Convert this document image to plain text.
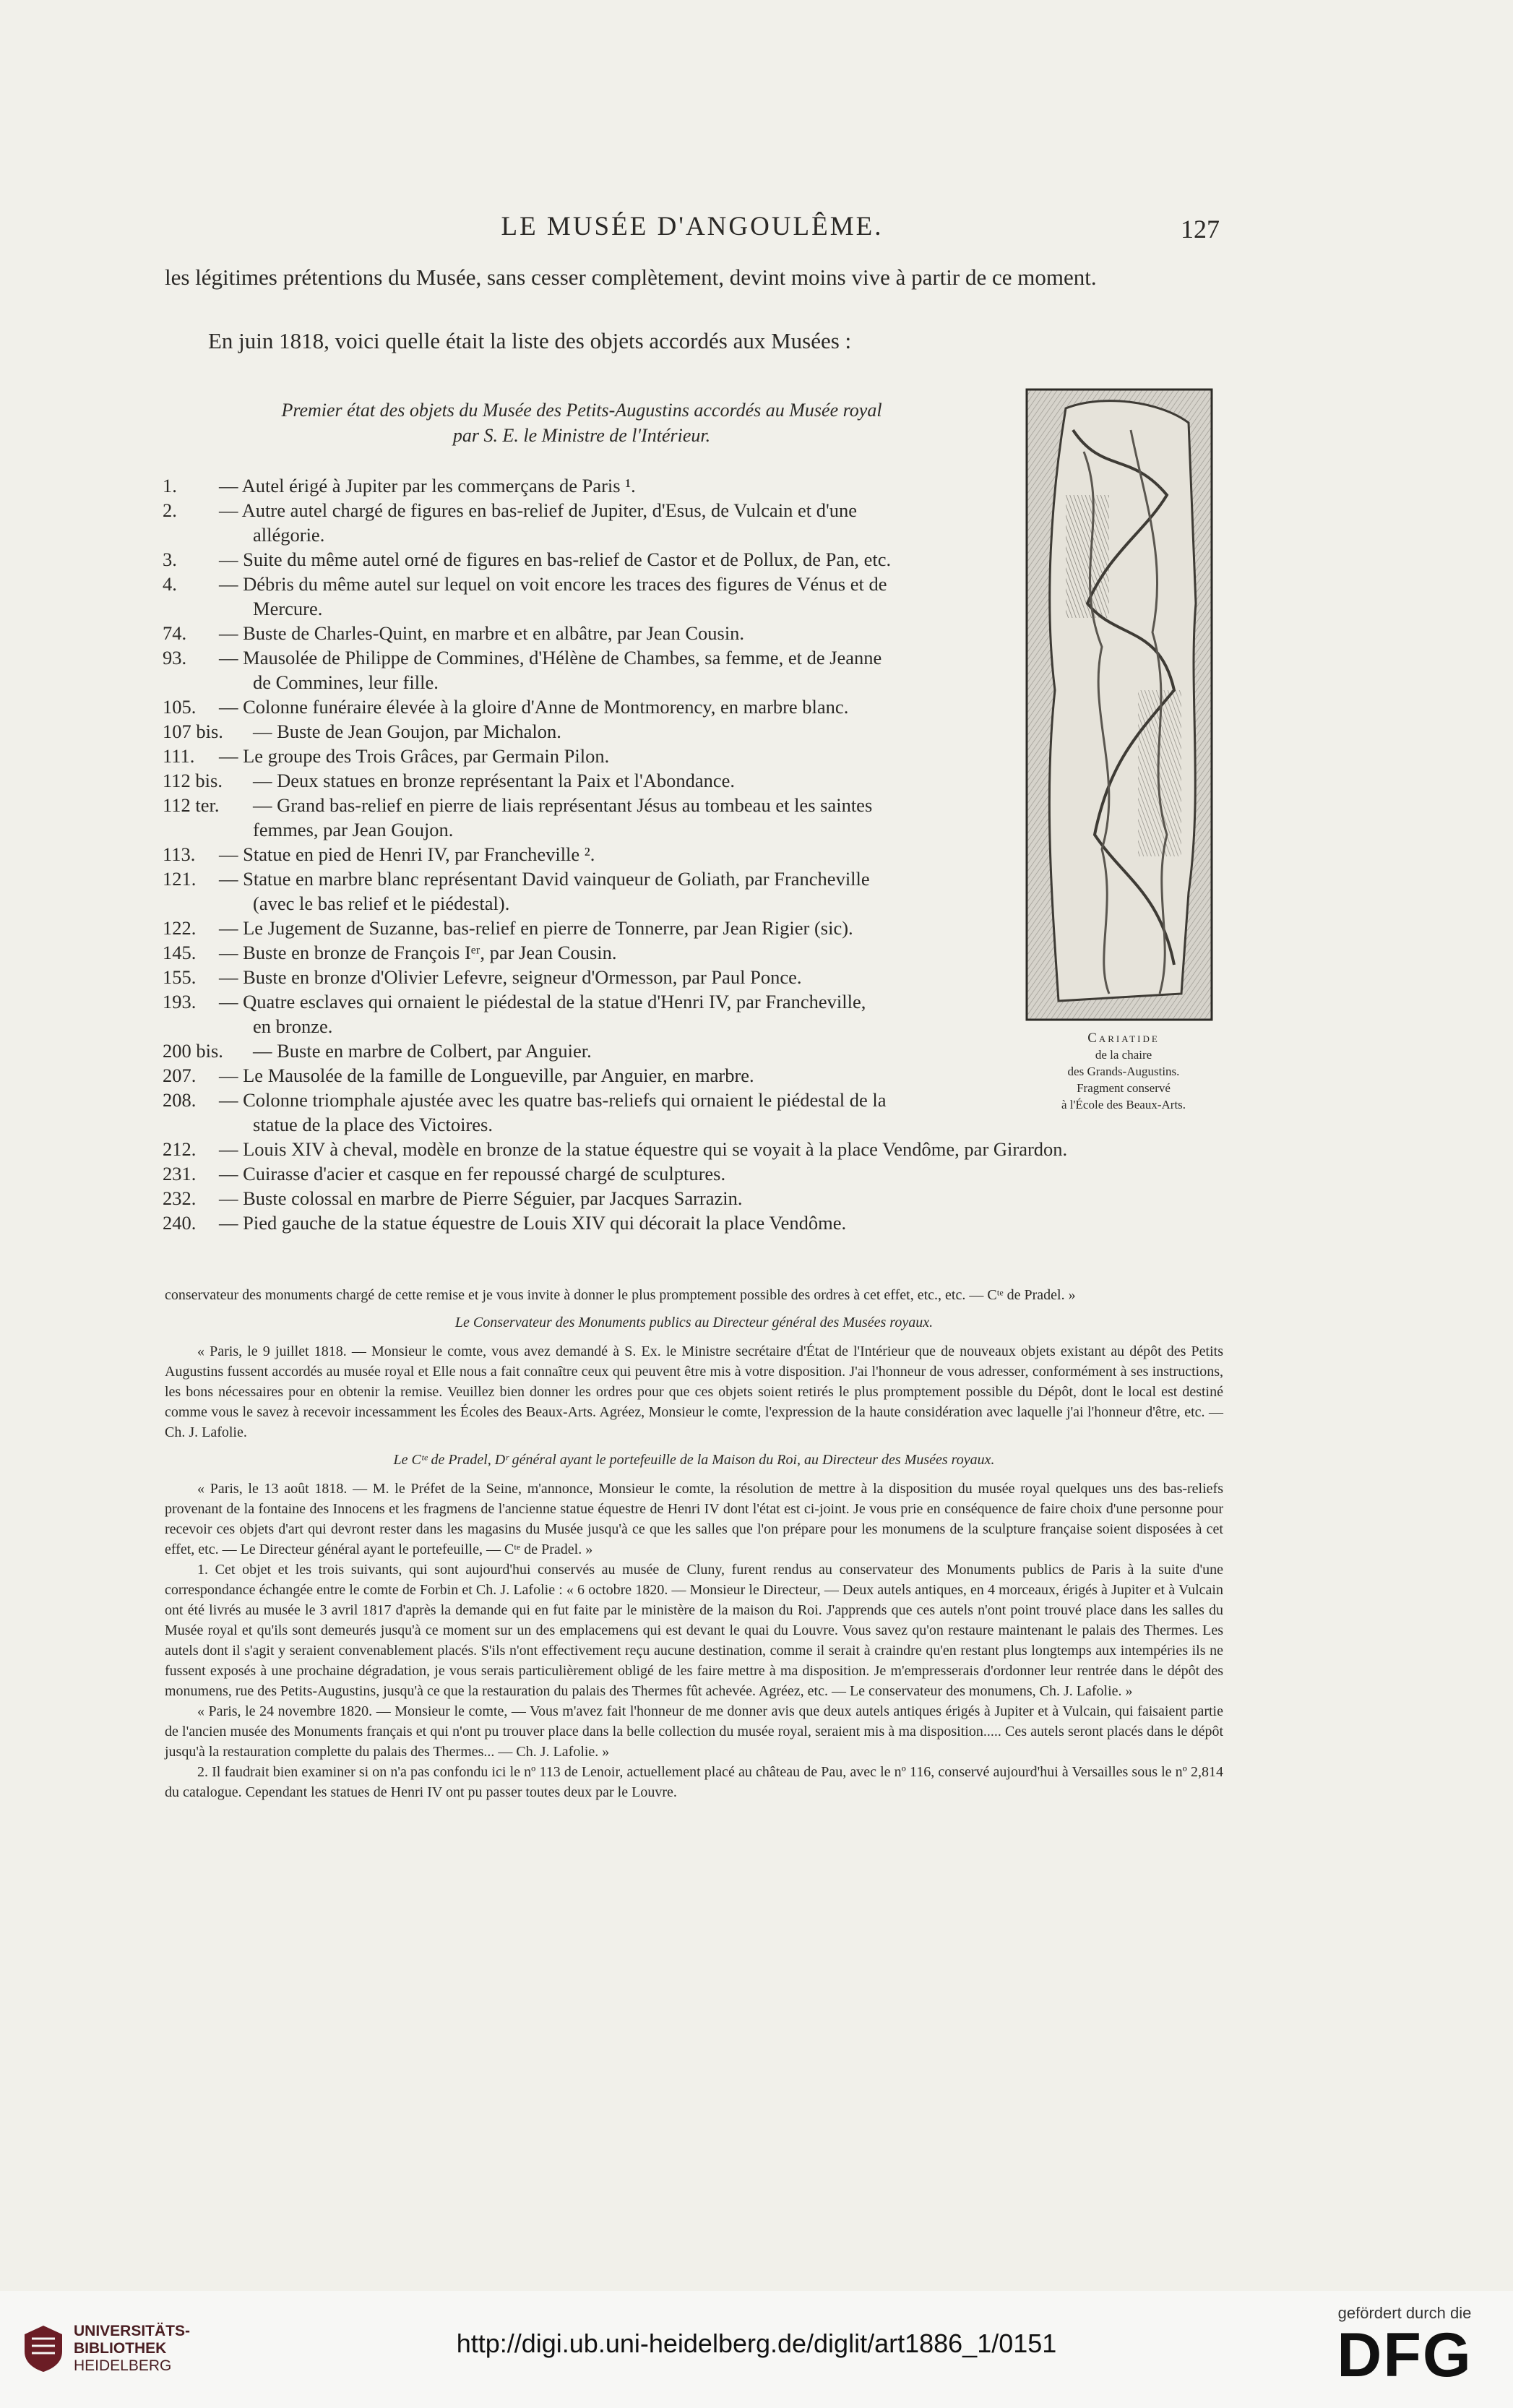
LE MUSÉE D'ANGOULÊME.	127
les légitimes prétentions du Musée, sans cesser complètement, devint moins vive à partir de ce moment.
En juin 1818, voici quelle était la liste des objets accordés aux Musées :
Premier état des objets du Musée des Petits-Augustins accordés au Musée royal
par S. E. le Ministre de l'Intérieur.
1.	— Autel érigé à Jupiter par les commerçans de Paris ¹.
2.	— Autre autel chargé de figures en bas-relief de Jupiter, d'Esus, de Vulcain et d'une
allégorie.
3.	— Suite du même autel orné de figures en bas-relief de Castor et de Pollux, de Pan, etc.
4.	— Débris du même autel sur lequel on voit encore les traces des figures de Vénus et de
Mercure.
74.	— Buste de Charles-Quint, en marbre et en albâtre, par Jean Cousin.
93.	— Mausolée de Philippe de Commines, d'Hélène de Chambes, sa femme, et de Jeanne
de Commines, leur fille.
105.	— Colonne funéraire élevée à la gloire d'Anne de Montmorency, en marbre blanc.
107 bis.	— Buste de Jean Goujon, par Michalon.
111.	— Le groupe des Trois Grâces, par Germain Pilon.
112 bis.	— Deux statues en bronze représentant la Paix et l'Abondance.
112 ter.	— Grand bas-relief en pierre de liais représentant Jésus au tombeau et les saintes
femmes, par Jean Goujon.
113.	— Statue en pied de Henri IV, par Francheville ².
121.	— Statue en marbre blanc représentant David vainqueur de Goliath, par Francheville
(avec le bas relief et le piédestal).
122.	— Le Jugement de Suzanne, bas-relief en pierre de Tonnerre, par Jean Rigier (sic).
145.	— Buste en bronze de François Iᵉʳ, par Jean Cousin.
155.	— Buste en bronze d'Olivier Lefevre, seigneur d'Ormesson, par Paul Ponce.
193.	— Quatre esclaves qui ornaient le piédestal de la statue d'Henri IV, par Francheville,
en bronze.
200 bis.	— Buste en marbre de Colbert, par Anguier.
207.	— Le Mausolée de la famille de Longueville, par Anguier, en marbre.
208.	— Colonne triomphale ajustée avec les quatre bas-reliefs qui ornaient le piédestal de la
statue de la place des Victoires.
212.	— Louis XIV à cheval, modèle en bronze de la statue équestre qui se voyait à la place Vendôme, par Girardon.
231.	— Cuirasse d'acier et casque en fer repoussé chargé de sculptures.
232.	— Buste colossal en marbre de Pierre Séguier, par Jacques Sarrazin.
240.	— Pied gauche de la statue équestre de Louis XIV qui décorait la place Vendôme.
Cariatide
de la chaire
des Grands-Augustins.
Fragment conservé
à l'École des Beaux-Arts.

conservateur des monuments chargé de cette remise et je vous invite à donner le plus promptement possible des ordres à cet effet, etc., etc. — Cᵗᵉ de Pradel. »

Le Conservateur des Monuments publics au Directeur général des Musées royaux.

« Paris, le 9 juillet 1818. — Monsieur le comte, vous avez demandé à S. Ex. le Ministre secrétaire d'État de l'Intérieur que de nouveaux objets existant au dépôt des Petits Augustins fussent accordés au musée royal et Elle nous a fait connaître ceux qui peuvent être mis à votre disposition. J'ai l'honneur de vous adresser, conformément à ses instructions, les bons nécessaires pour en obtenir la remise. Veuillez bien donner les ordres pour que ces objets soient retirés le plus promptement possible du Dépôt, dont le local est destiné comme vous le savez à recevoir incessamment les Écoles des Beaux-Arts. Agréez, Monsieur le comte, l'expression de la haute considération avec laquelle j'ai l'honneur d'être, etc. — Ch. J. Lafolie.

Le Cᵗᵉ de Pradel, Dʳ général ayant le portefeuille de la Maison du Roi, au Directeur des Musées royaux.

« Paris, le 13 août 1818. — M. le Préfet de la Seine, m'annonce, Monsieur le comte, la résolution de mettre à la disposition du musée royal quelques uns des bas-reliefs provenant de la fontaine des Innocens et les fragmens de l'ancienne statue équestre de Henri IV dont l'état est ci-joint. Je vous prie en conséquence de faire choix d'une personne pour recevoir ces objets d'art qui devront rester dans les magasins du Musée jusqu'à ce que les salles que l'on prépare pour les monumens de la sculpture française soient disposées à cet effet, etc. — Le Directeur général ayant le portefeuille, — Cᵗᵉ de Pradel. »

1. Cet objet et les trois suivants, qui sont aujourd'hui conservés au musée de Cluny, furent rendus au conservateur des Monuments publics de Paris à la suite d'une correspondance échangée entre le comte de Forbin et Ch. J. Lafolie : « 6 octobre 1820. — Monsieur le Directeur, — Deux autels antiques, en 4 morceaux, érigés à Jupiter et à Vulcain ont été livrés au musée le 3 avril 1817 d'après la demande qui en fut faite par le ministère de la maison du Roi. J'apprends que ces autels n'ont point trouvé place dans les salles du Musée royal et qu'ils sont demeurés jusqu'à ce moment sur un des emplacemens qui est devant le quai du Louvre. Vous savez qu'on restaure maintenant le palais des Thermes. Les autels dont il s'agit y seraient convenablement placés. S'ils n'ont effectivement reçu aucune destination, comme il serait à craindre qu'en restant plus longtemps aux intempéries ils ne fussent exposés à une prochaine dégradation, je vous serais particulièrement obligé de les faire mettre à ma disposition. Je m'empresserais d'ordonner leur rentrée dans le dépôt des monumens, rue des Petits-Augustins, jusqu'à ce que la restauration du palais des Thermes fût achevée. Agréez, etc. — Le conservateur des monumens, Ch. J. Lafolie. »

« Paris, le 24 novembre 1820. — Monsieur le comte, — Vous m'avez fait l'honneur de me donner avis que deux autels antiques érigés à Jupiter et à Vulcain, qui faisaient partie de l'ancien musée des Monuments français et qui n'ont pu trouver place dans la belle collection du musée royal, seraient mis à ma disposition..... Ces autels seront placés dans le dépôt jusqu'à la restauration complette du palais des Thermes... — Ch. J. Lafolie. »

2. Il faudrait bien examiner si on n'a pas confondu ici le nº 113 de Lenoir, actuellement placé au château de Pau, avec le nº 116, conservé aujourd'hui à Versailles sous le nº 2,814 du catalogue. Cependant les statues de Henri IV ont pu passer toutes deux par le Louvre.

UNIVERSITÄTS-
BIBLIOTHEK
HEIDELBERG
http://digi.ub.uni-heidelberg.de/diglit/art1886_1/0151
gefördert durch die
DFG
